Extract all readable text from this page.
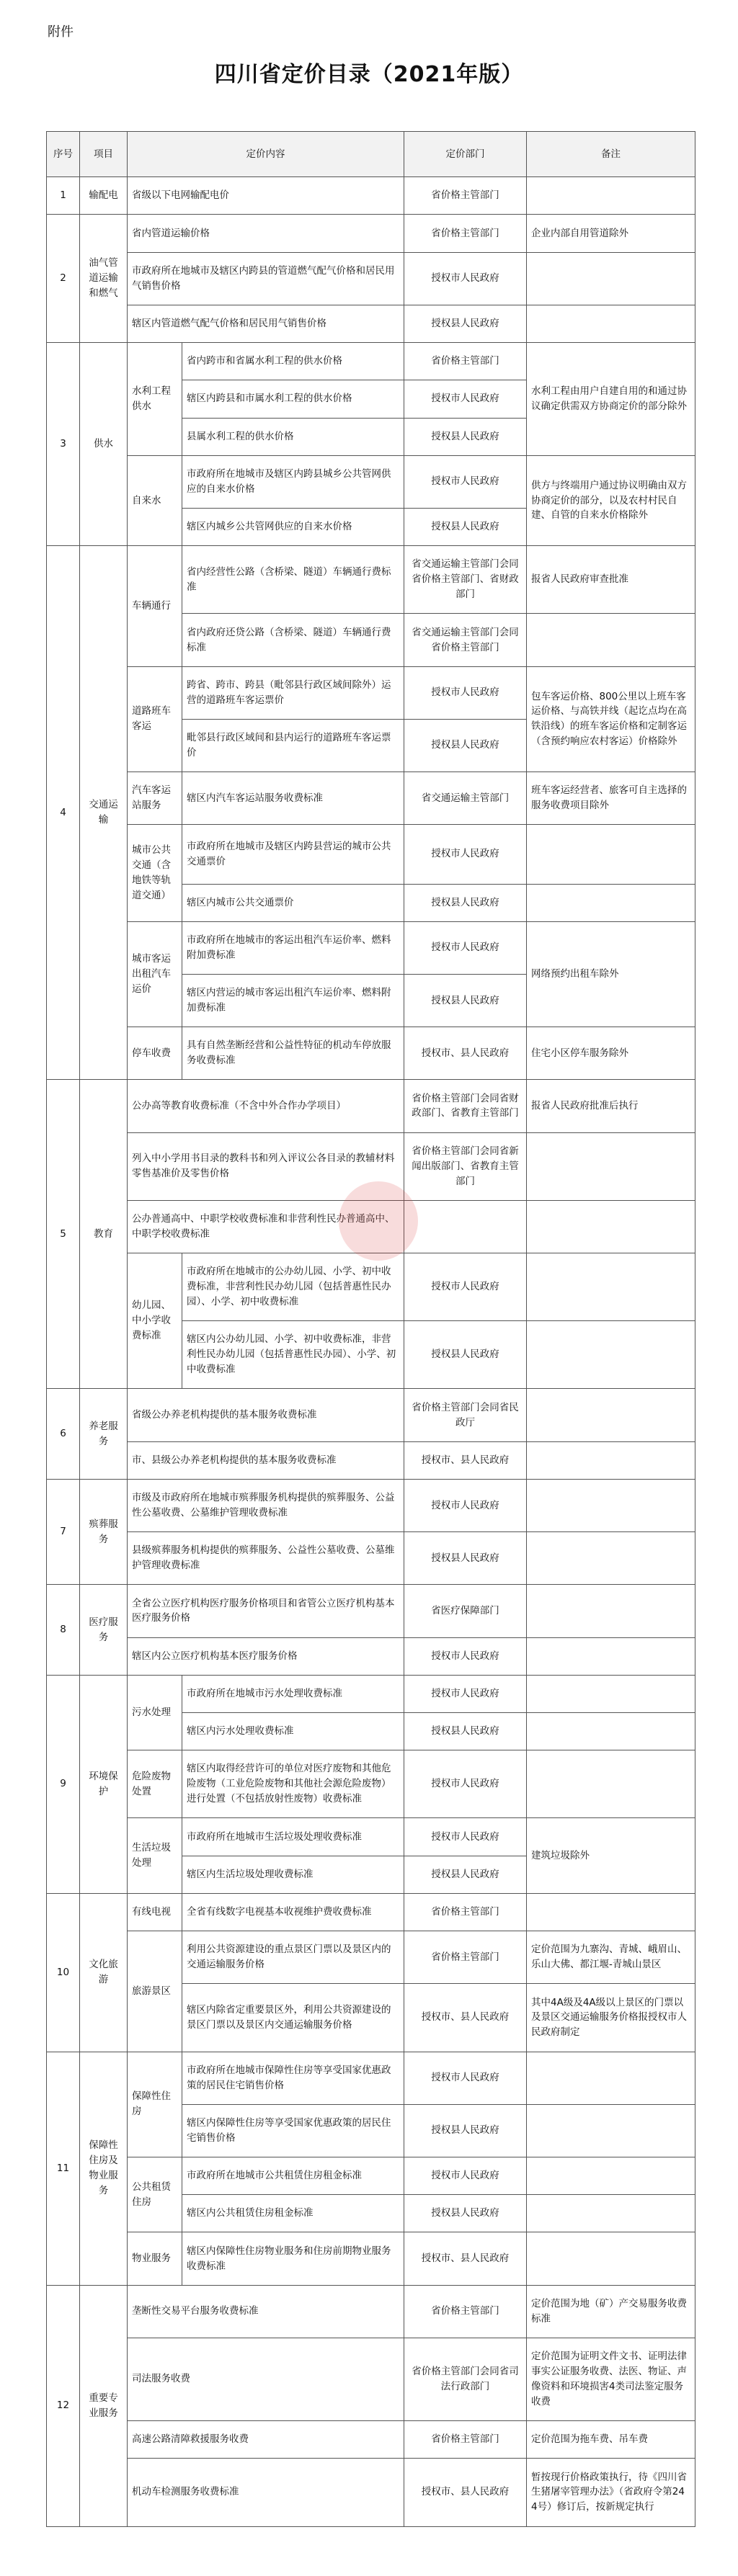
附件
四川省定价目录（2021年版）
序号	项目	定价内容		定价部门	备注
1	输配电	省级以下电网输配电价		省价格主管部门	
2	油气管道运输和燃气	省内管道运输价格		省价格主管部门	企业内部自用管道除外
		市政府所在地城市及辖区内跨县的管道燃气配气价格和居民用气销售价格		授权市人民政府	
		辖区内管道燃气配气价格和居民用气销售价格		授权县人民政府	
3	供水	水利工程供水	省内跨市和省属水利工程的供水价格	省价格主管部门	水利工程由用户自建自用的和通过协议确定供需双方协商定价的部分除外
			辖区内跨县和市属水利工程的供水价格	授权市人民政府	
			县属水利工程的供水价格	授权县人民政府	
		自来水	市政府所在地城市及辖区内跨县城乡公共管网供应的自来水价格	授权市人民政府	供方与终端用户通过协议明确由双方协商定价的部分，以及农村村民自建、自管的自来水价格除外
			辖区内城乡公共管网供应的自来水价格	授权县人民政府	
4	交通运输	车辆通行	省内经营性公路（含桥梁、隧道）车辆通行费标准	省交通运输主管部门会同省价格主管部门、省财政部门	报省人民政府审查批准
			省内政府还贷公路（含桥梁、隧道）车辆通行费标准	省交通运输主管部门会同省价格主管部门	
		道路班车客运	跨省、跨市、跨县（毗邻县行政区域间除外）运营的道路班车客运票价	授权市人民政府	包车客运价格、800公里以上班车客运价格、与高铁并线（起讫点均在高铁沿线）的班车客运价格和定制客运（含预约响应农村客运）价格除外
			毗邻县行政区域间和县内运行的道路班车客运票价	授权县人民政府	
		汽车客运站服务	辖区内汽车客运站服务收费标准	省交通运输主管部门	班车客运经营者、旅客可自主选择的服务收费项目除外
		城市公共交通（含地铁等轨道交通）	市政府所在地城市及辖区内跨县营运的城市公共交通票价	授权市人民政府	
			辖区内城市公共交通票价	授权县人民政府	
		城市客运出租汽车运价	市政府所在地城市的客运出租汽车运价率、燃料附加费标准	授权市人民政府	网络预约出租车除外
			辖区内营运的城市客运出租汽车运价率、燃料附加费标准	授权县人民政府	
		停车收费	具有自然垄断经营和公益性特征的机动车停放服务收费标准	授权市、县人民政府	住宅小区停车服务除外
5	教育	公办高等教育收费标准（不含中外合作办学项目）		省价格主管部门会同省财政部门、省教育主管部门	报省人民政府批准后执行
		列入中小学用书目录的教科书和列入评议公各目录的教辅材料零售基准价及零售价格		省价格主管部门会同省新闻出版部门、省教育主管部门	
		公办普通高中、中职学校收费标准和非营利性民办普通高中、中职学校收费标准			
		幼儿园、中小学收费标准	市政府所在地城市的公办幼儿园、小学、初中收费标准，非营利性民办幼儿园（包括普惠性民办园）、小学、初中收费标准	授权市人民政府	
			辖区内公办幼儿园、小学、初中收费标准，非营利性民办幼儿园（包括普惠性民办园）、小学、初中收费标准	授权县人民政府	
6	养老服务	省级公办养老机构提供的基本服务收费标准		省价格主管部门会同省民政厅	
		市、县级公办养老机构提供的基本服务收费标准		授权市、县人民政府	
7	殡葬服务	市级及市政府所在地城市殡葬服务机构提供的殡葬服务、公益性公墓收费、公墓维护管理收费标准		授权市人民政府	
		县级殡葬服务机构提供的殡葬服务、公益性公墓收费、公墓维护管理收费标准		授权县人民政府	
8	医疗服务	全省公立医疗机构医疗服务价格项目和省管公立医疗机构基本医疗服务价格		省医疗保障部门	
		辖区内公立医疗机构基本医疗服务价格		授权市人民政府	
9	环境保护	污水处理	市政府所在地城市污水处理收费标准	授权市人民政府	
			辖区内污水处理收费标准	授权县人民政府	
		危险废物处置	辖区内取得经营许可的单位对医疗废物和其他危险废物（工业危险废物和其他社会源危险废物）进行处置（不包括放射性废物）收费标准	授权市人民政府	
		生活垃圾处理	市政府所在地城市生活垃圾处理收费标准	授权市人民政府	建筑垃圾除外
			辖区内生活垃圾处理收费标准	授权县人民政府	
10	文化旅游	有线电视	全省有线数字电视基本收视维护费收费标准	省价格主管部门	
		旅游景区	利用公共资源建设的重点景区门票以及景区内的交通运输服务价格	省价格主管部门	定价范围为九寨沟、青城、峨眉山、乐山大佛、都江堰-青城山景区
			辖区内除省定重要景区外，利用公共资源建设的景区门票以及景区内交通运输服务价格	授权市、县人民政府	其中4A级及4A级以上景区的门票以及景区交通运输服务价格报授权市人民政府制定
11	保障性住房及物业服务	保障性住房	市政府所在地城市保障性住房等享受国家优惠政策的居民住宅销售价格	授权市人民政府	
			辖区内保障性住房等享受国家优惠政策的居民住宅销售价格	授权县人民政府	
		公共租赁住房	市政府所在地城市公共租赁住房租金标准	授权市人民政府	
			辖区内公共租赁住房租金标准	授权县人民政府	
		物业服务	辖区内保障性住房物业服务和住房前期物业服务收费标准	授权市、县人民政府	
12	重要专业服务	垄断性交易平台服务收费标准		省价格主管部门	定价范围为地（矿）产交易服务收费标准
		司法服务收费		省价格主管部门会同省司法行政部门	定价范围为证明文件文书、证明法律事实公证服务收费、法医、物证、声像资料和环境损害4类司法鉴定服务收费
		高速公路清障救援服务收费		省价格主管部门	定价范围为拖车费、吊车费
		机动车检测服务收费标准		授权市、县人民政府	暂按现行价格政策执行，待《四川省生猪屠宰管理办法》（省政府令第244号）修订后，按新规定执行
